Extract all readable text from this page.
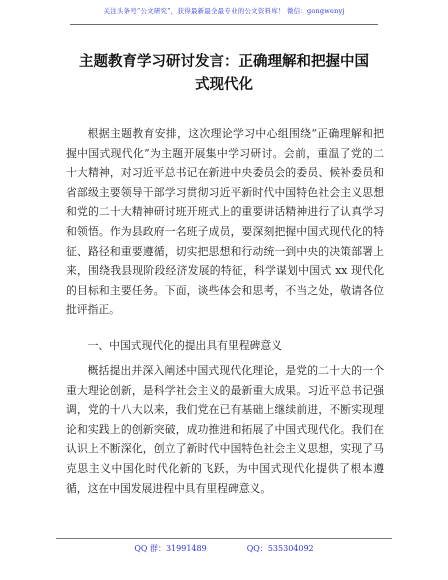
关注头条号“公文研究”，获得最新最全最专业的公文资料库！ 微信：gongwenyj
主题教育学习研讨发言：正确理解和把握中国
式现代化

根据主题教育安排，这次理论学习中心组围绕“正确理解和把握中国式现代化”为主题开展集中学习研讨。会前，重温了党的二十大精神，对习近平总书记在新进中央委员会的委员、候补委员和省部级主要领导干部学习贯彻习近平新时代中国特色社会主义思想和党的二十大精神研讨班开班式上的重要讲话精神进行了认真学习和领悟。作为县政府一名班子成员，要深刻把握中国式现代化的特征、路径和重要遵循，切实把思想和行动统一到中央的决策部署上来，围绕我县现阶段经济发展的特征，科学谋划中国式 xx 现代化的目标和主要任务。下面，谈些体会和思考，不当之处，敬请各位批评指正。

一、中国式现代化的提出具有里程碑意义

概括提出并深入阐述中国式现代化理论，是党的二十大的一个重大理论创新，是科学社会主义的最新重大成果。习近平总书记强调，党的十八大以来，我们党在已有基础上继续前进，不断实现理论和实践上的创新突破，成功推进和拓展了中国式现代化。我们在认识上不断深化，创立了新时代中国特色社会主义思想，实现了马克思主义中国化时代化新的飞跃，为中国式现代化提供了根本遵循，这在中国发展进程中具有里程碑意义。

QQ 群：31991489	QQ：535304092
